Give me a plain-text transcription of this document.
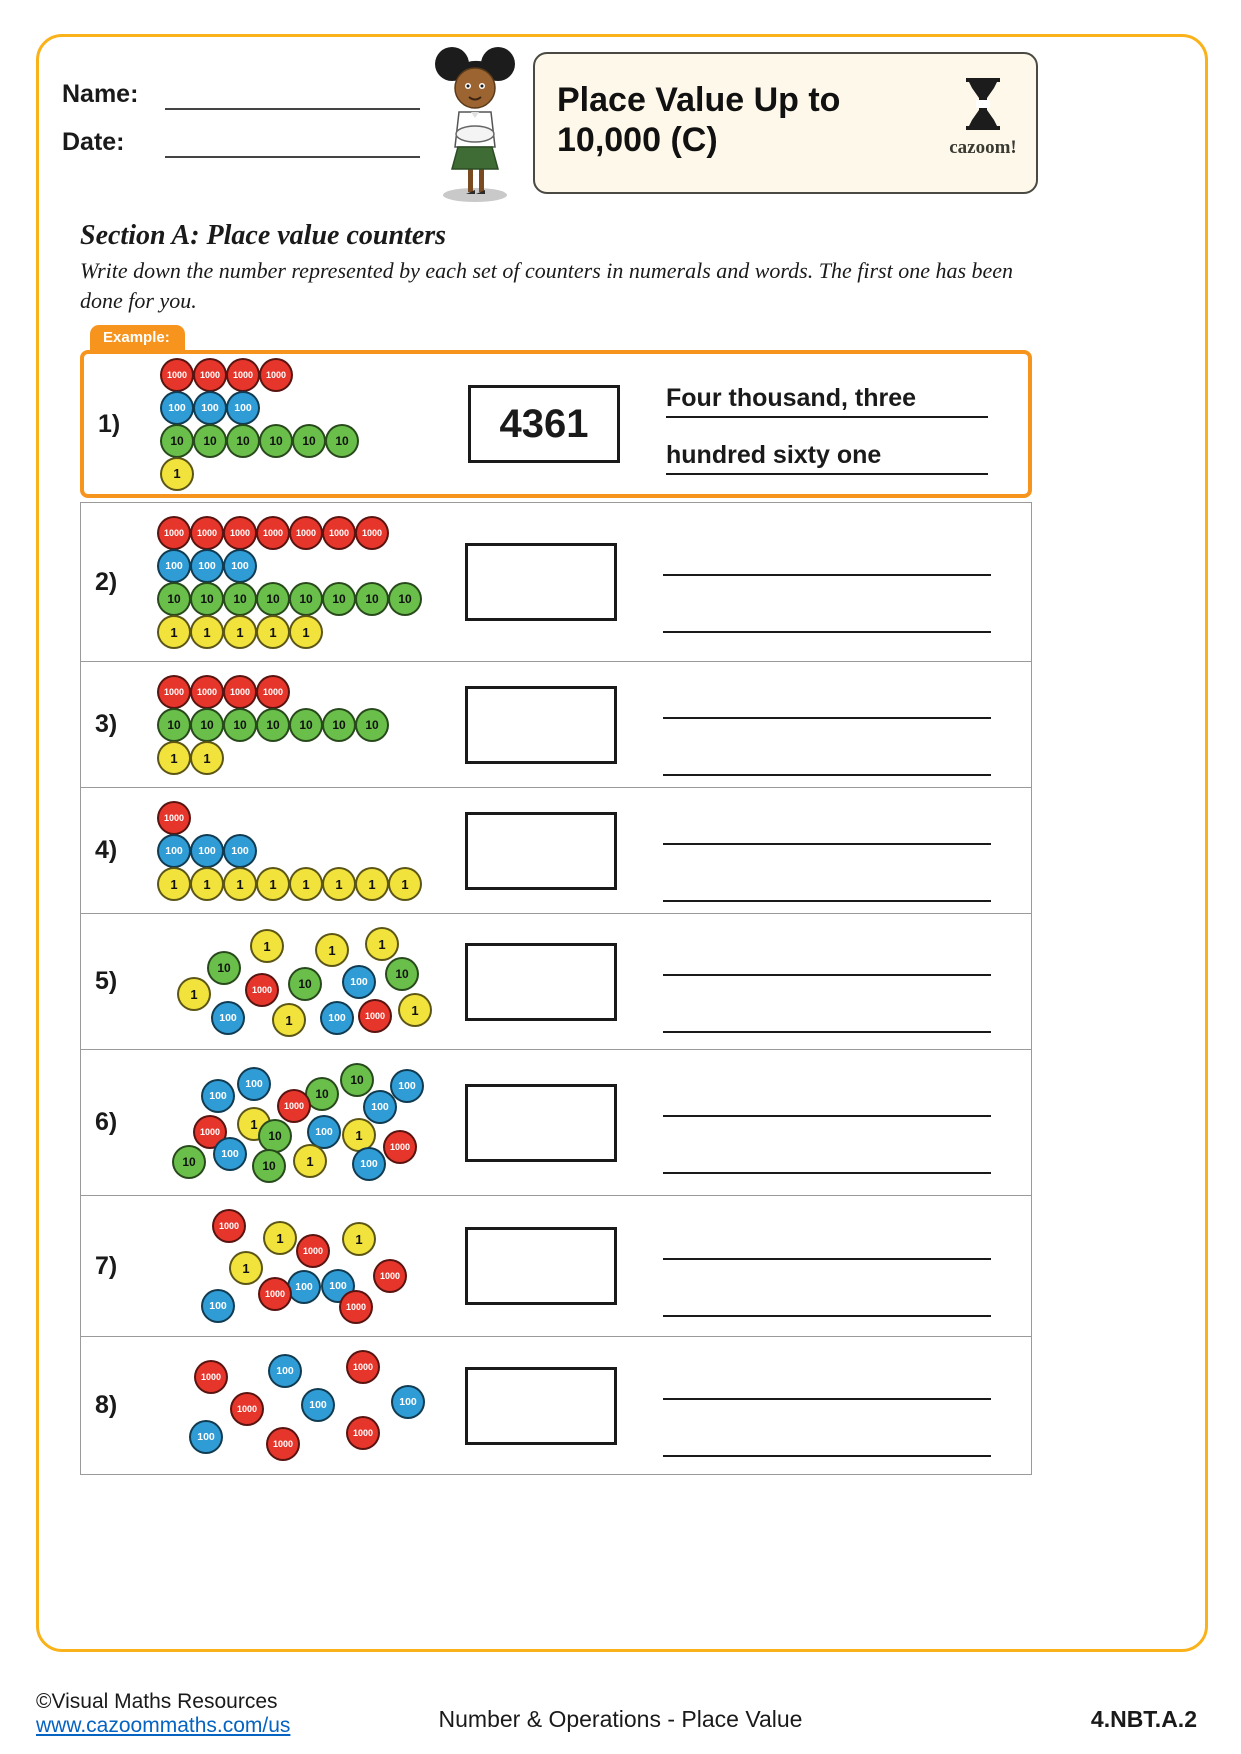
Name:
Date:
Place Value Up to 10,000 (C)	cazoom!
Section A: Place value counters
Write down the number represented by each set of counters in numerals and words. The first one has been done for you.
Example:
1)
1000	1000	1000	1000
100	100	100
10	10	10	10	10	10
1
4361
Four thousand, three
hundred sixty one
2)
1000	1000	1000	1000	1000	1000	1000
100	100	100
10	10	10	10	10	10	10	10
1	1	1	1	1
3)
1000	1000	1000	1000
10	10	10	10	10	10	10
1	1
4)
1000
100	100	100
1	1	1	1	1	1	1	1
5)
1	1	1
10
1	1000	10	100
10
100	1	100	1000	1
6)
100
100
10
10	100
1000	100
1000
1
10	100	1
1000
10
100
10	1	100
7)
1000
1
1
1000
1
1000
100	100
1000
100	1000
8)
1000	100	1000
1000	100	100
100
1000
1000
©Visual Maths Resources
www.cazoommaths.com/us	Number & Operations - Place Value	4.NBT.A.2
